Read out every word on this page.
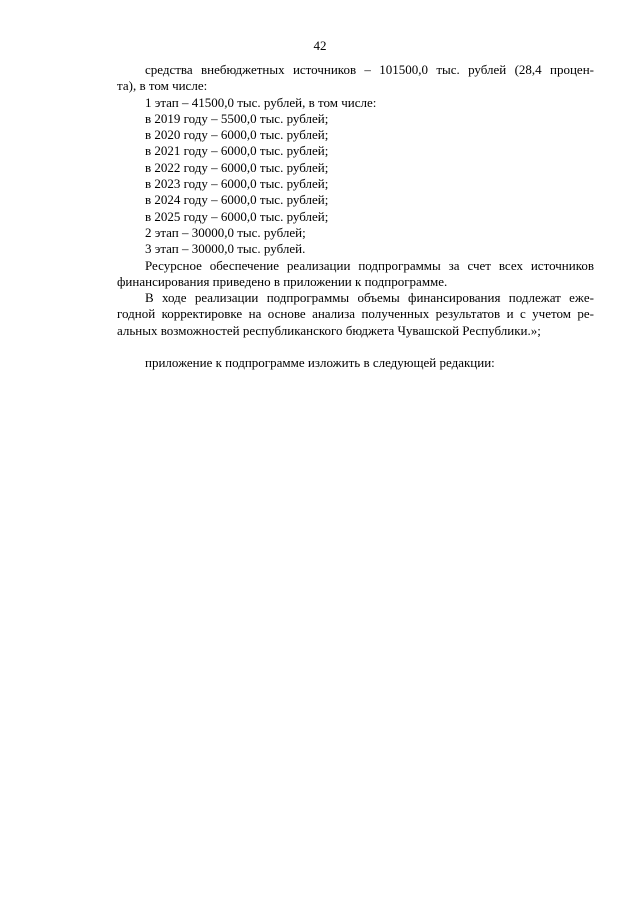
42

средства внебюджетных источников – 101500,0 тыс. рублей (28,4 процен-

та), в том числе:

1 этап – 41500,0 тыс. рублей, в том числе:

в 2019 году – 5500,0 тыс. рублей;

в 2020 году – 6000,0 тыс. рублей;

в 2021 году – 6000,0 тыс. рублей;

в 2022 году – 6000,0 тыс. рублей;

в 2023 году – 6000,0 тыс. рублей;

в 2024 году – 6000,0 тыс. рублей;

в 2025 году – 6000,0 тыс. рублей;

2 этап – 30000,0 тыс. рублей;

3 этап – 30000,0 тыс. рублей.

Ресурсное обеспечение реализации подпрограммы за счет всех источников

финансирования приведено в приложении к подпрограмме.

В ходе реализации подпрограммы объемы финансирования подлежат ежe-

годной корректировке на основе анализа полученных результатов и с учетом ре-

альных возможностей республиканского бюджета Чувашской Республики.»;

приложение к подпрограмме изложить в следующей редакции:
